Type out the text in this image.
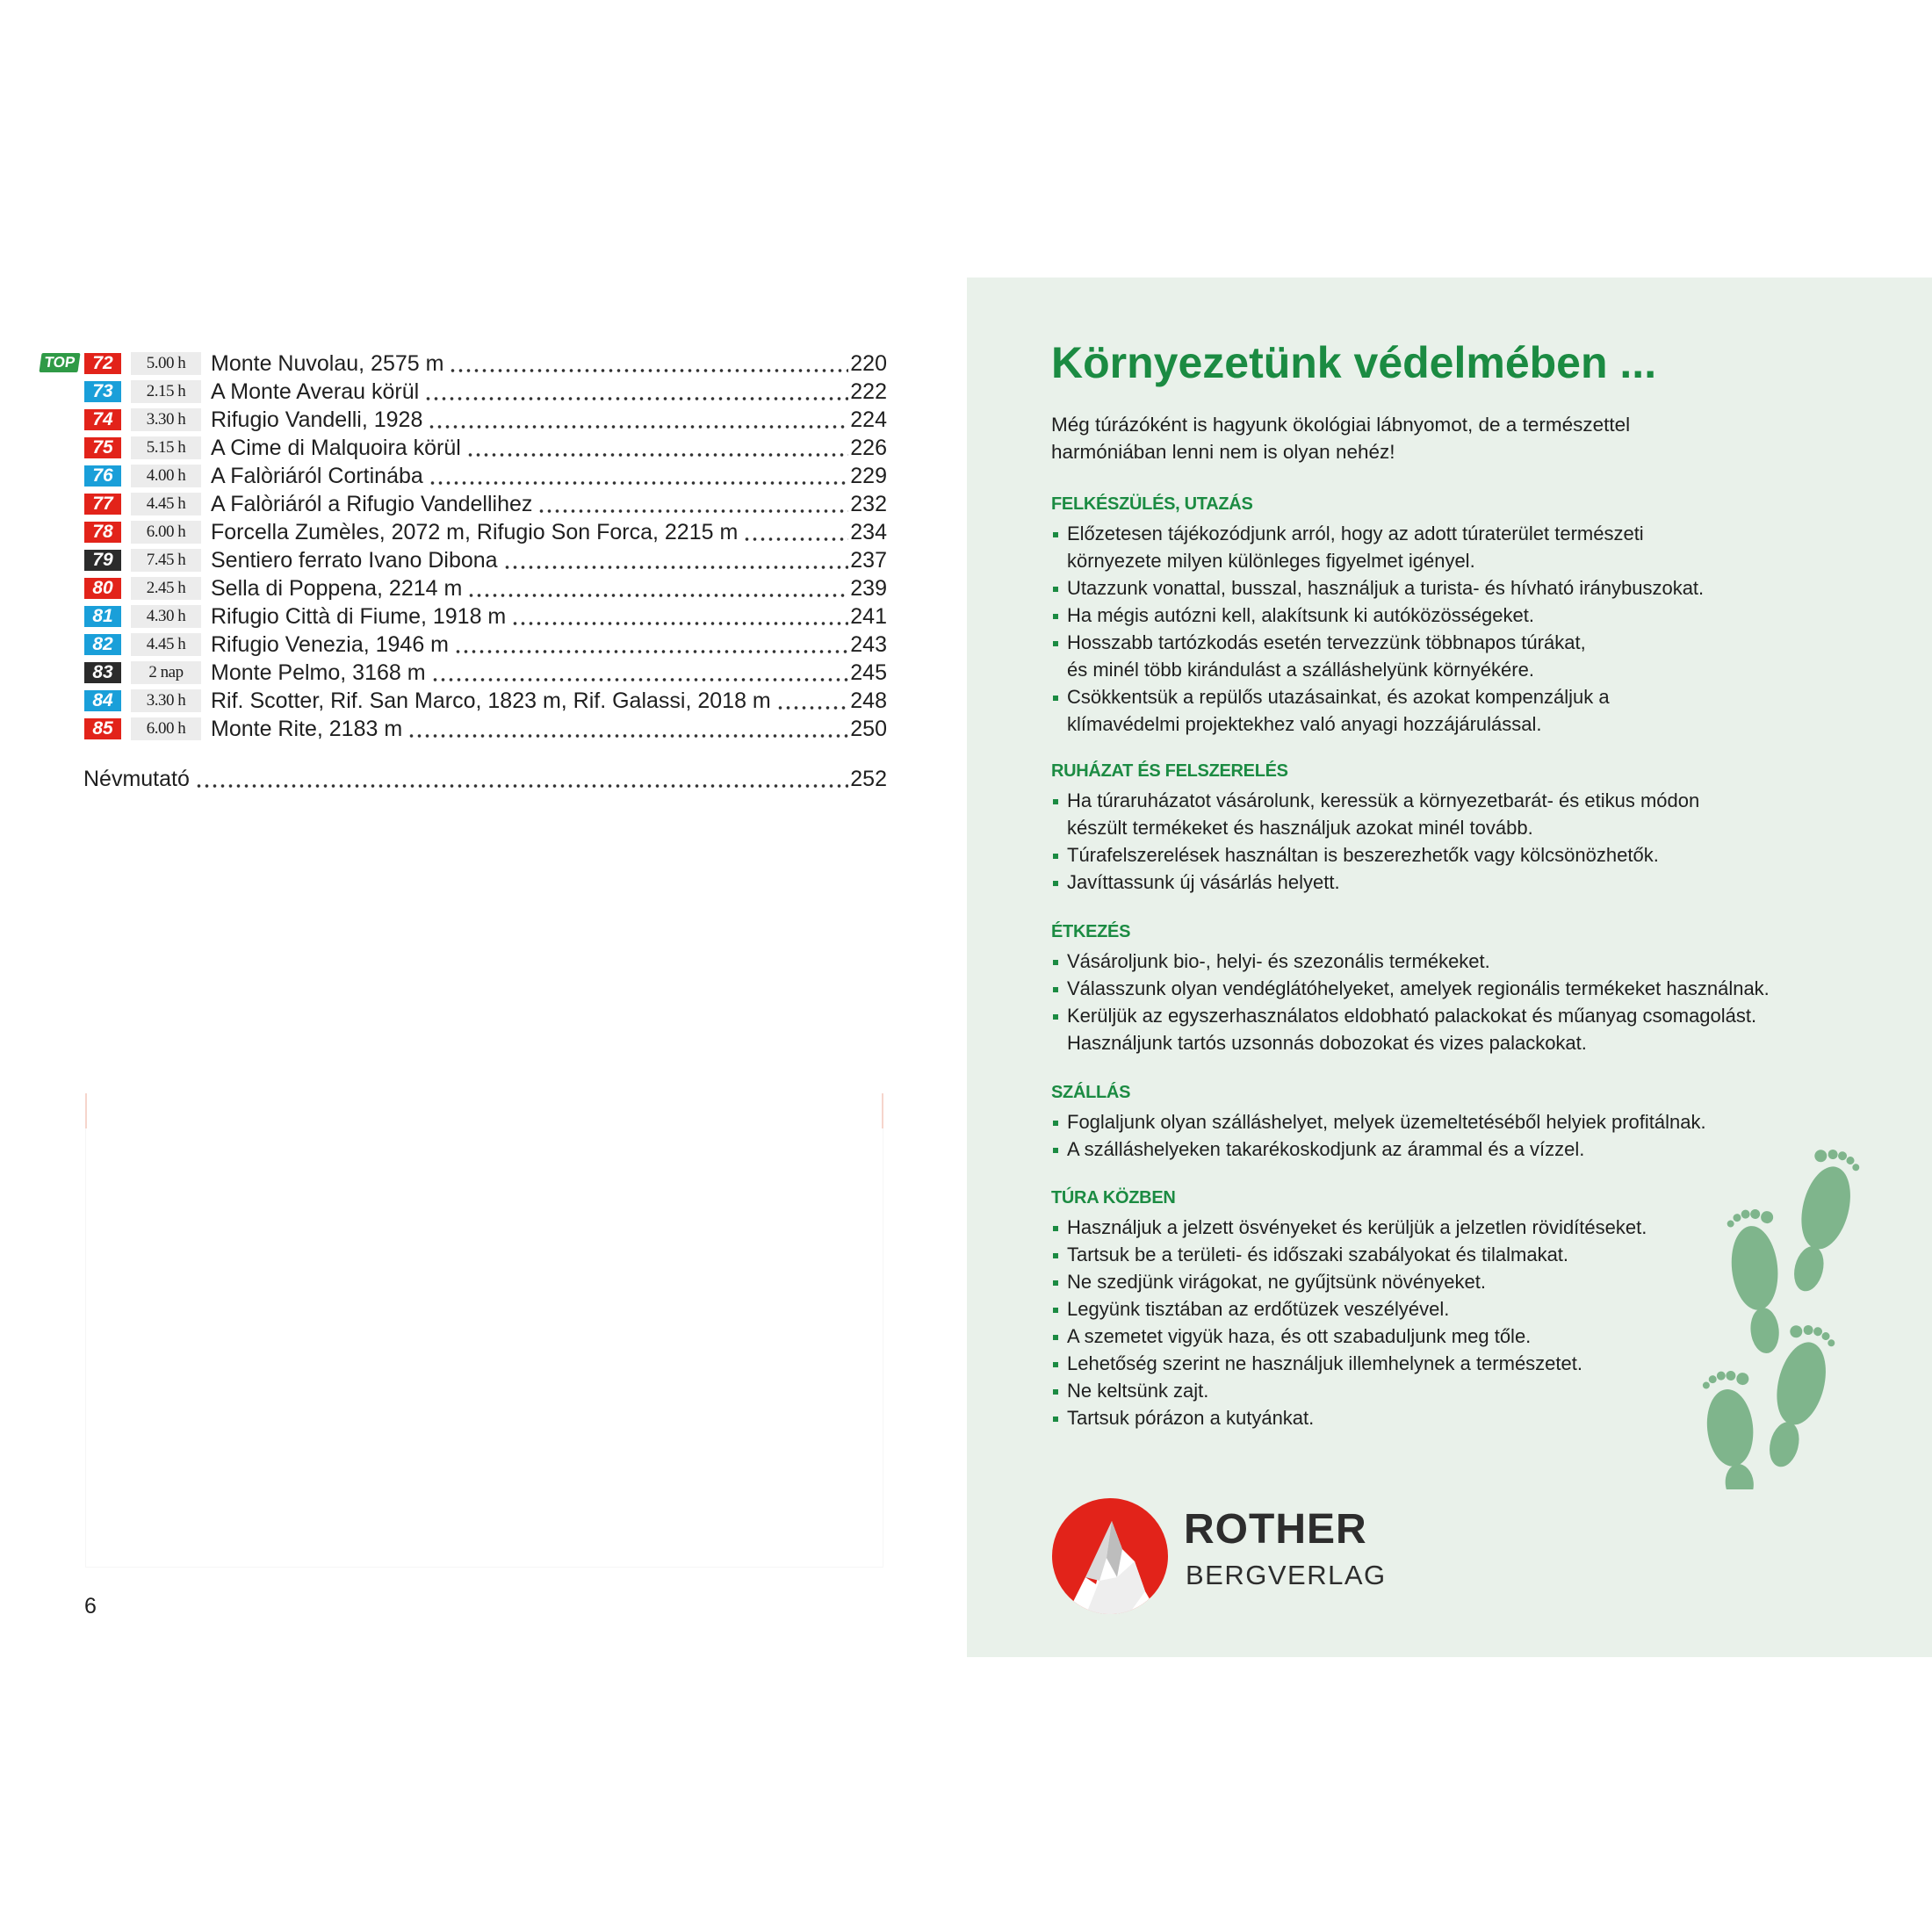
TOP 72	5.00 h	Monte Nuvolau, 2575 m	220
73	2.15 h	A Monte Averau körül	222
74	3.30 h	Rifugio Vandelli, 1928	224
75	5.15 h	A Cime di Malquoira körül	226
76	4.00 h	A Falòriáról Cortinába	229
77	4.45 h	A Falòriáról a Rifugio Vandellihez	232
78	6.00 h	Forcella Zumèles, 2072 m, Rifugio Son Forca, 2215 m	234
79	7.45 h	Sentiero ferrato Ivano Dibona	237
80	2.45 h	Sella di Poppena, 2214 m	239
81	4.30 h	Rifugio Città di Fiume, 1918 m	241
82	4.45 h	Rifugio Venezia, 1946 m	243
83	2 nap	Monte Pelmo, 3168 m	245
84	3.30 h	Rif. Scotter, Rif. San Marco, 1823 m, Rif. Galassi, 2018 m	248
85	6.00 h	Monte Rite, 2183 m	250
Névmutató	252
6
Környezetünk védelmében ...
Még túrázóként is hagyunk ökológiai lábnyomot, de a természettel
harmóniában lenni nem is olyan nehéz!
FELKÉSZÜLÉS, UTAZÁS
Előzetesen tájékozódjunk arról, hogy az adott túraterület természeti
környezete milyen különleges figyelmet igényel.
Utazzunk vonattal, busszal, használjuk a turista- és hívható iránybuszokat.
Ha mégis autózni kell, alakítsunk ki autóközösségeket.
Hosszabb tartózkodás esetén tervezzünk többnapos túrákat,
és minél több kirándulást a szálláshelyünk környékére.
Csökkentsük a repülős utazásainkat, és azokat kompenzáljuk a
klímavédelmi projektekhez való anyagi hozzájárulással.
RUHÁZAT ÉS FELSZERELÉS
Ha túraruházatot vásárolunk, keressük a környezetbarát- és etikus módon
készült termékeket és használjuk azokat minél tovább.
Túrafelszerelések használtan is beszerezhetők vagy kölcsönözhetők.
Javíttassunk új vásárlás helyett.
ÉTKEZÉS
Vásároljunk bio-, helyi- és szezonális termékeket.
Válasszunk olyan vendéglátóhelyeket, amelyek regionális termékeket használnak.
Kerüljük az egyszerhasználatos eldobható palackokat és műanyag csomagolást.
Használjunk tartós uzsonnás dobozokat és vizes palackokat.
SZÁLLÁS
Foglaljunk olyan szálláshelyet, melyek üzemeltetéséből helyiek profitálnak.
A szálláshelyeken takarékoskodjunk az árammal és a vízzel.
TÚRA KÖZBEN
Használjuk a jelzett ösvényeket és kerüljük a jelzetlen rövidítéseket.
Tartsuk be a területi- és időszaki szabályokat és tilalmakat.
Ne szedjünk virágokat, ne gyűjtsünk növényeket.
Legyünk tisztában az erdőtüzek veszélyével.
A szemetet vigyük haza, és ott szabaduljunk meg tőle.
Lehetőség szerint ne használjuk illemhelynek a természetet.
Ne keltsünk zajt.
Tartsuk pórázon a kutyánkat.
ROTHER
BERGVERLAG
